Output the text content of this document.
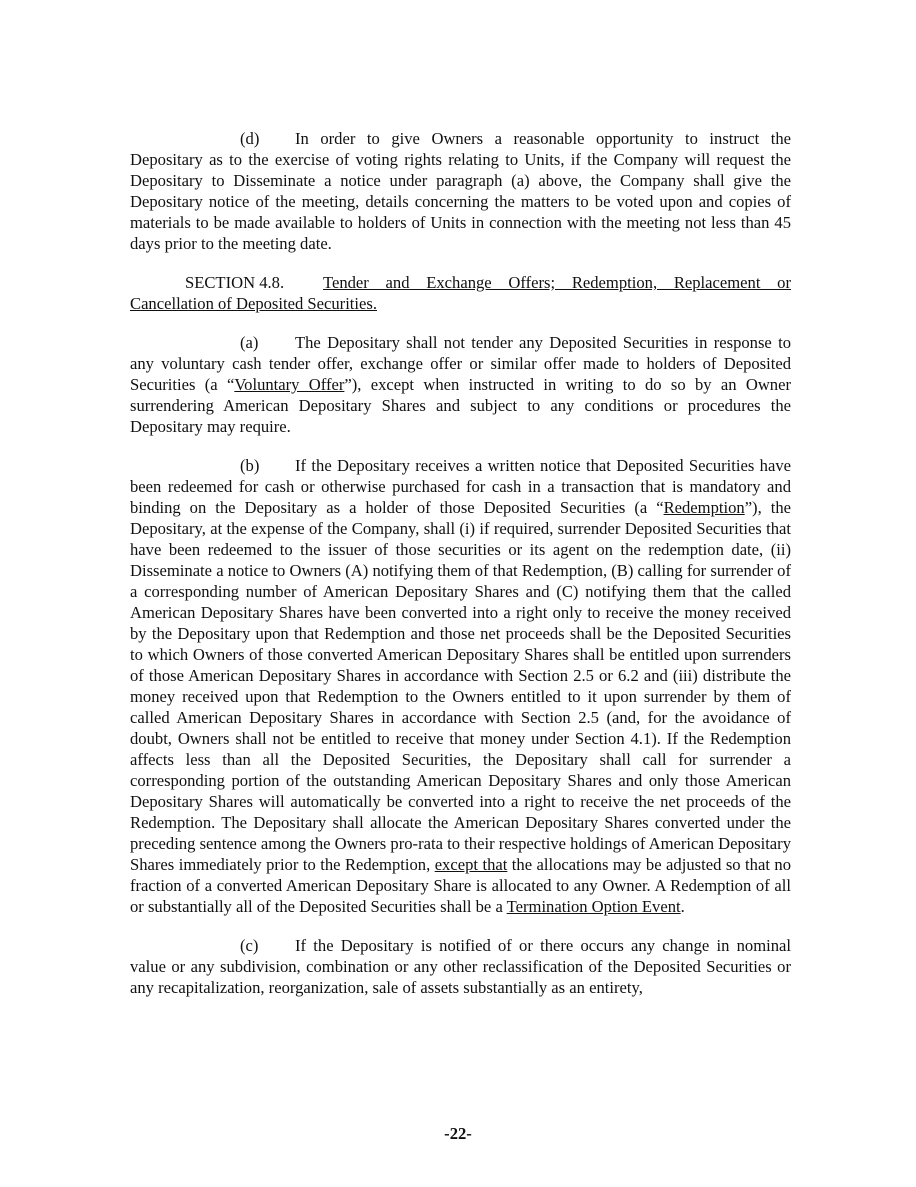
(d) In order to give Owners a reasonable opportunity to instruct the Depositary as to the exercise of voting rights relating to Units, if the Company will request the Depositary to Disseminate a notice under paragraph (a) above, the Company shall give the Depositary notice of the meeting, details concerning the matters to be voted upon and copies of materials to be made available to holders of Units in connection with the meeting not less than 45 days prior to the meeting date.

SECTION 4.8. Tender and Exchange Offers; Redemption, Replacement or Cancellation of Deposited Securities.

(a) The Depositary shall not tender any Deposited Securities in response to any voluntary cash tender offer, exchange offer or similar offer made to holders of Deposited Securities (a “Voluntary Offer”), except when instructed in writing to do so by an Owner surrendering American Depositary Shares and subject to any conditions or procedures the Depositary may require.

(b) If the Depositary receives a written notice that Deposited Securities have been redeemed for cash or otherwise purchased for cash in a transaction that is mandatory and binding on the Depositary as a holder of those Deposited Securities (a “Redemption”), the Depositary, at the expense of the Company, shall (i) if required, surrender Deposited Securities that have been redeemed to the issuer of those securities or its agent on the redemption date, (ii) Disseminate a notice to Owners (A) notifying them of that Redemption, (B) calling for surrender of a corresponding number of American Depositary Shares and (C) notifying them that the called American Depositary Shares have been converted into a right only to receive the money received by the Depositary upon that Redemption and those net proceeds shall be the Deposited Securities to which Owners of those converted American Depositary Shares shall be entitled upon surrenders of those American Depositary Shares in accordance with Section 2.5 or 6.2 and (iii) distribute the money received upon that Redemption to the Owners entitled to it upon surrender by them of called American Depositary Shares in accordance with Section 2.5 (and, for the avoidance of doubt, Owners shall not be entitled to receive that money under Section 4.1). If the Redemption affects less than all the Deposited Securities, the Depositary shall call for surrender a corresponding portion of the outstanding American Depositary Shares and only those American Depositary Shares will automatically be converted into a right to receive the net proceeds of the Redemption. The Depositary shall allocate the American Depositary Shares converted under the preceding sentence among the Owners pro-rata to their respective holdings of American Depositary Shares immediately prior to the Redemption, except that the allocations may be adjusted so that no fraction of a converted American Depositary Share is allocated to any Owner. A Redemption of all or substantially all of the Deposited Securities shall be a Termination Option Event.

(c) If the Depositary is notified of or there occurs any change in nominal value or any subdivision, combination or any other reclassification of the Deposited Securities or any recapitalization, reorganization, sale of assets substantially as an entirety,

-22-
